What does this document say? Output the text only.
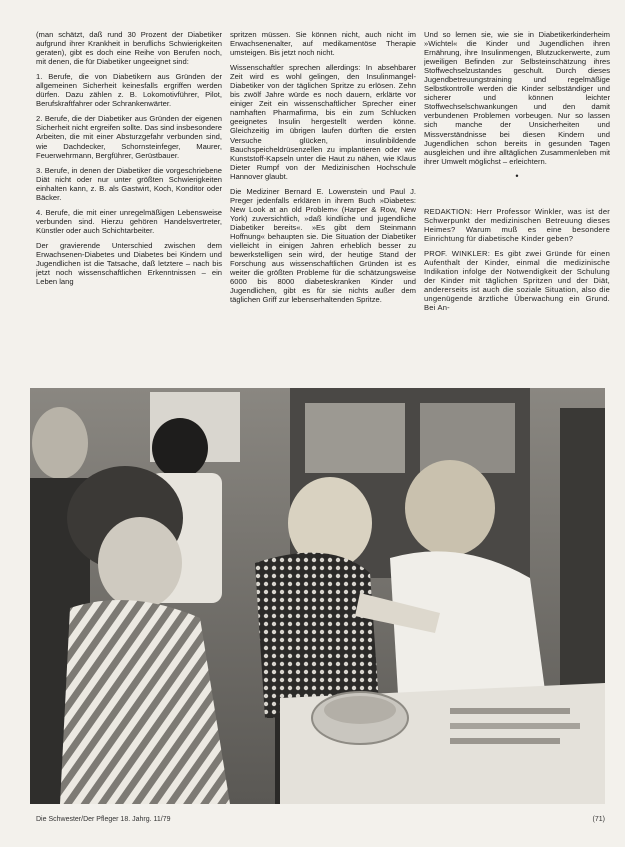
(man schätzt, daß rund 30 Prozent der Diabetiker aufgrund ihrer Krankheit in beruflichs Schwierigkeiten geraten), gibt es doch eine Reihe von Berufen noch, mit denen, die für Diabetiker ungeeignet sind:

1. Berufe, die von Diabetikern aus Gründen der allgemeinen Sicherheit keinesfalls ergriffen werden dürfen. Dazu zählen z. B. Lokomotivführer, Pilot, Berufskraftfahrer oder Schrankenwärter.

2. Berufe, die der Diabetiker aus Gründen der eigenen Sicherheit nicht ergreifen sollte. Das sind insbesondere Arbeiten, die mit einer Absturzgefahr verbunden sind, wie Dachdecker, Schornsteinfeger, Maurer, Feuerwehrmann, Bergführer, Gerüstbauer.

3. Berufe, in denen der Diabetiker die vorgeschriebene Diät nicht oder nur unter größten Schwierigkeiten einhalten kann, z. B. als Gastwirt, Koch, Konditor oder Bäcker.

4. Berufe, die mit einer unregelmäßigen Lebensweise verbunden sind. Hierzu gehören Handelsvertreter, Künstler oder auch Schichtarbeiter.

Der gravierende Unterschied zwischen dem Erwachsenen-Diabetes und Diabetes bei Kindern und Jugendlichen ist die Tatsache, daß letztere – nach bis jetzt noch wissenschaftlichen Erkenntnissen – ein Leben lang

spritzen müssen. Sie können nicht, auch nicht im Erwachsenenalter, auf medikamentöse Therapie umsteigen. Bis jetzt noch nicht.

Wissenschaftler sprechen allerdings: In absehbarer Zeit wird es wohl gelingen, den Insulinmangel-Diabetiker von der täglichen Spritze zu erlösen. Zehn bis zwölf Jahre würde es noch dauern, erklärte vor einiger Zeit ein wissenschaftlicher Sprecher einer namhaften Pharmafirma, bis ein zum Schlucken geeignetes Insulin hergestellt werden könne. Gleichzeitig im übrigen laufen dürften die ersten Versuche glücken, insulinbildende Bauchspeicheldrüsenzellen zu implantieren oder wie Kunststoff-Kapseln unter die Haut zu nähen, wie Klaus Dieter Rumpf von der Medizinischen Hochschule Hannover glaubt.

Die Mediziner Bernard E. Lowenstein und Paul J. Preger jedenfalls erklären in ihrem Buch »Diabetes: New Look at an old Problem« (Harper & Row, New York) zuversichtlich, »daß kindliche und jugendliche Diabetiker bereits«. »Es gibt dem Steinmann Hoffnung« behaupten sie. Die Situation der Diabetiker vielleicht in einigen Jahren erheblich besser zu bewerkstelligen sein wird, der heutige Stand der Forschung aus wissenschaftlichen Gründen ist es weiter die größten Probleme für die schätzungsweise 6000 bis 8000 diabeteskranken Kinder und Jugendlichen, gibt es für sie nichts außer dem täglichen Griff zur lebenserhaltenden Spritze.

Und so lernen sie, wie sie in Diabetikerkinderheim »Wichtel« die Kinder und Jugendlichen ihren Ernährung, ihre Insulinmengen, Blutzuckerwerte, zum jeweiligen Befinden zur Selbsteinschätzung ihres Stoffwechselzustandes geschult. Durch dieses Jugendbetreuungstraining und regelmäßige Selbstkontrolle werden die Kinder selbständiger und sicherer und können leichter Stoffwechselschwankungen und den damit verbundenen Problemen vorbeugen. Nur so lassen sich manche der Unsicherheiten und Missverständnisse bei diesen Kindern und Jugendlichen schon bereits in gesunden Tagen ausgleichen und ihre alltäglichen Zusammenleben mit ihrer Umwelt möglichst – erleichtern.

•

REDAKTION: Herr Professor Winkler, was ist der Schwerpunkt der medizinischen Betreuung dieses Heimes? Warum muß es eine besondere Einrichtung für diabetische Kinder geben?

PROF. WINKLER: Es gibt zwei Gründe für einen Aufenthalt der Kinder, einmal die medizinische Indikation infolge der Notwendigkeit der Schulung der Kinder mit täglichen Spritzen und der Diät, andererseits ist auch die soziale Situation, also die ungenügende ärztliche Überwachung ein Grund. Bei An-

Die Schwester/Der Pfleger 18. Jahrg. 11/79	(71)
